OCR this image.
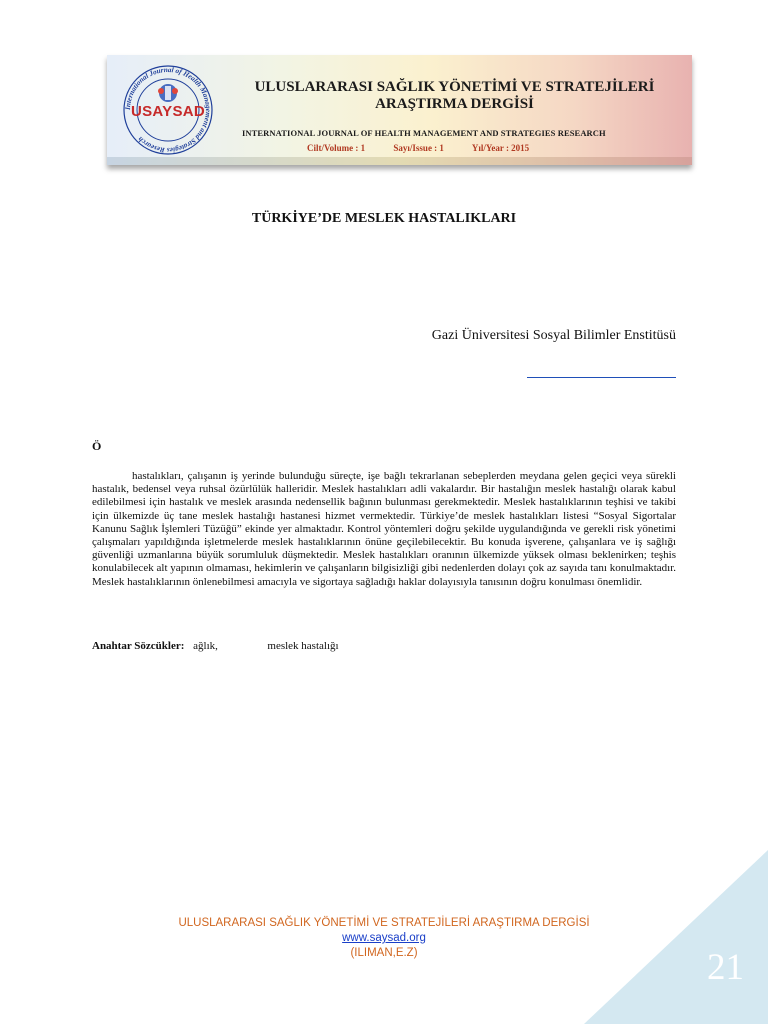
International Journal of Health Management and Strategies Research
USAYSAD
ULUSLARARASI SAĞLIK YÖNETİMİ VE STRATEJİLERİ
ARAŞTIRMA DERGİSİ
INTERNATIONAL JOURNAL OF HEALTH MANAGEMENT AND STRATEGIES RESEARCH
Cilt/Volume : 1	Sayı/Issue : 1	Yıl/Year : 2015
TÜRKİYE’DE MESLEK HASTALIKLARI
Gazi Üniversitesi Sosyal Bilimler Enstitüsü
Ö

hastalıkları, çalışanın iş yerinde bulunduğu süreçte, işe bağlı tekrarlanan sebeplerden meydana gelen geçici veya sürekli hastalık, bedensel veya ruhsal özürlülük halleridir. Meslek hastalıkları adli vakalardır. Bir hastalığın meslek hastalığı olarak kabul edilebilmesi için hastalık ve meslek arasında nedensellik bağının bulunması gerekmektedir. Meslek hastalıklarının teşhisi ve takibi için ülkemizde üç tane meslek hastalığı hastanesi hizmet vermektedir. Türkiye’de meslek hastalıkları listesi “Sosyal Sigortalar Kanunu Sağlık İşlemleri Tüzüğü” ekinde yer almaktadır. Kontrol yöntemleri doğru şekilde uygulandığında ve gerekli risk yönetimi çalışmaları yapıldığında işletmelerde meslek hastalıklarının önüne geçilebilecektir. Bu konuda işverene, çalışanlara ve iş sağlığı güvenliği uzmanlarına büyük sorumluluk düşmektedir. Meslek hastalıkları oranının ülkemizde yüksek olması beklenirken; teşhis konulabilecek alt yapının olmaması, hekimlerin ve çalışanların bilgisizliği gibi nedenlerden dolayı çok az sayıda tanı konulmaktadır. Meslek hastalıklarının önlenebilmesi amacıyla ve sigortaya sağladığı haklar dolayısıyla tanısının doğru konulması önemlidir.

Anahtar Sözcükler: ağlık,	meslek hastalığı
ULUSLARARASI SAĞLIK YÖNETİMİ VE STRATEJİLERİ ARAŞTIRMA DERGİSİ
www.saysad.org
(ILIMAN,E.Z)	21
